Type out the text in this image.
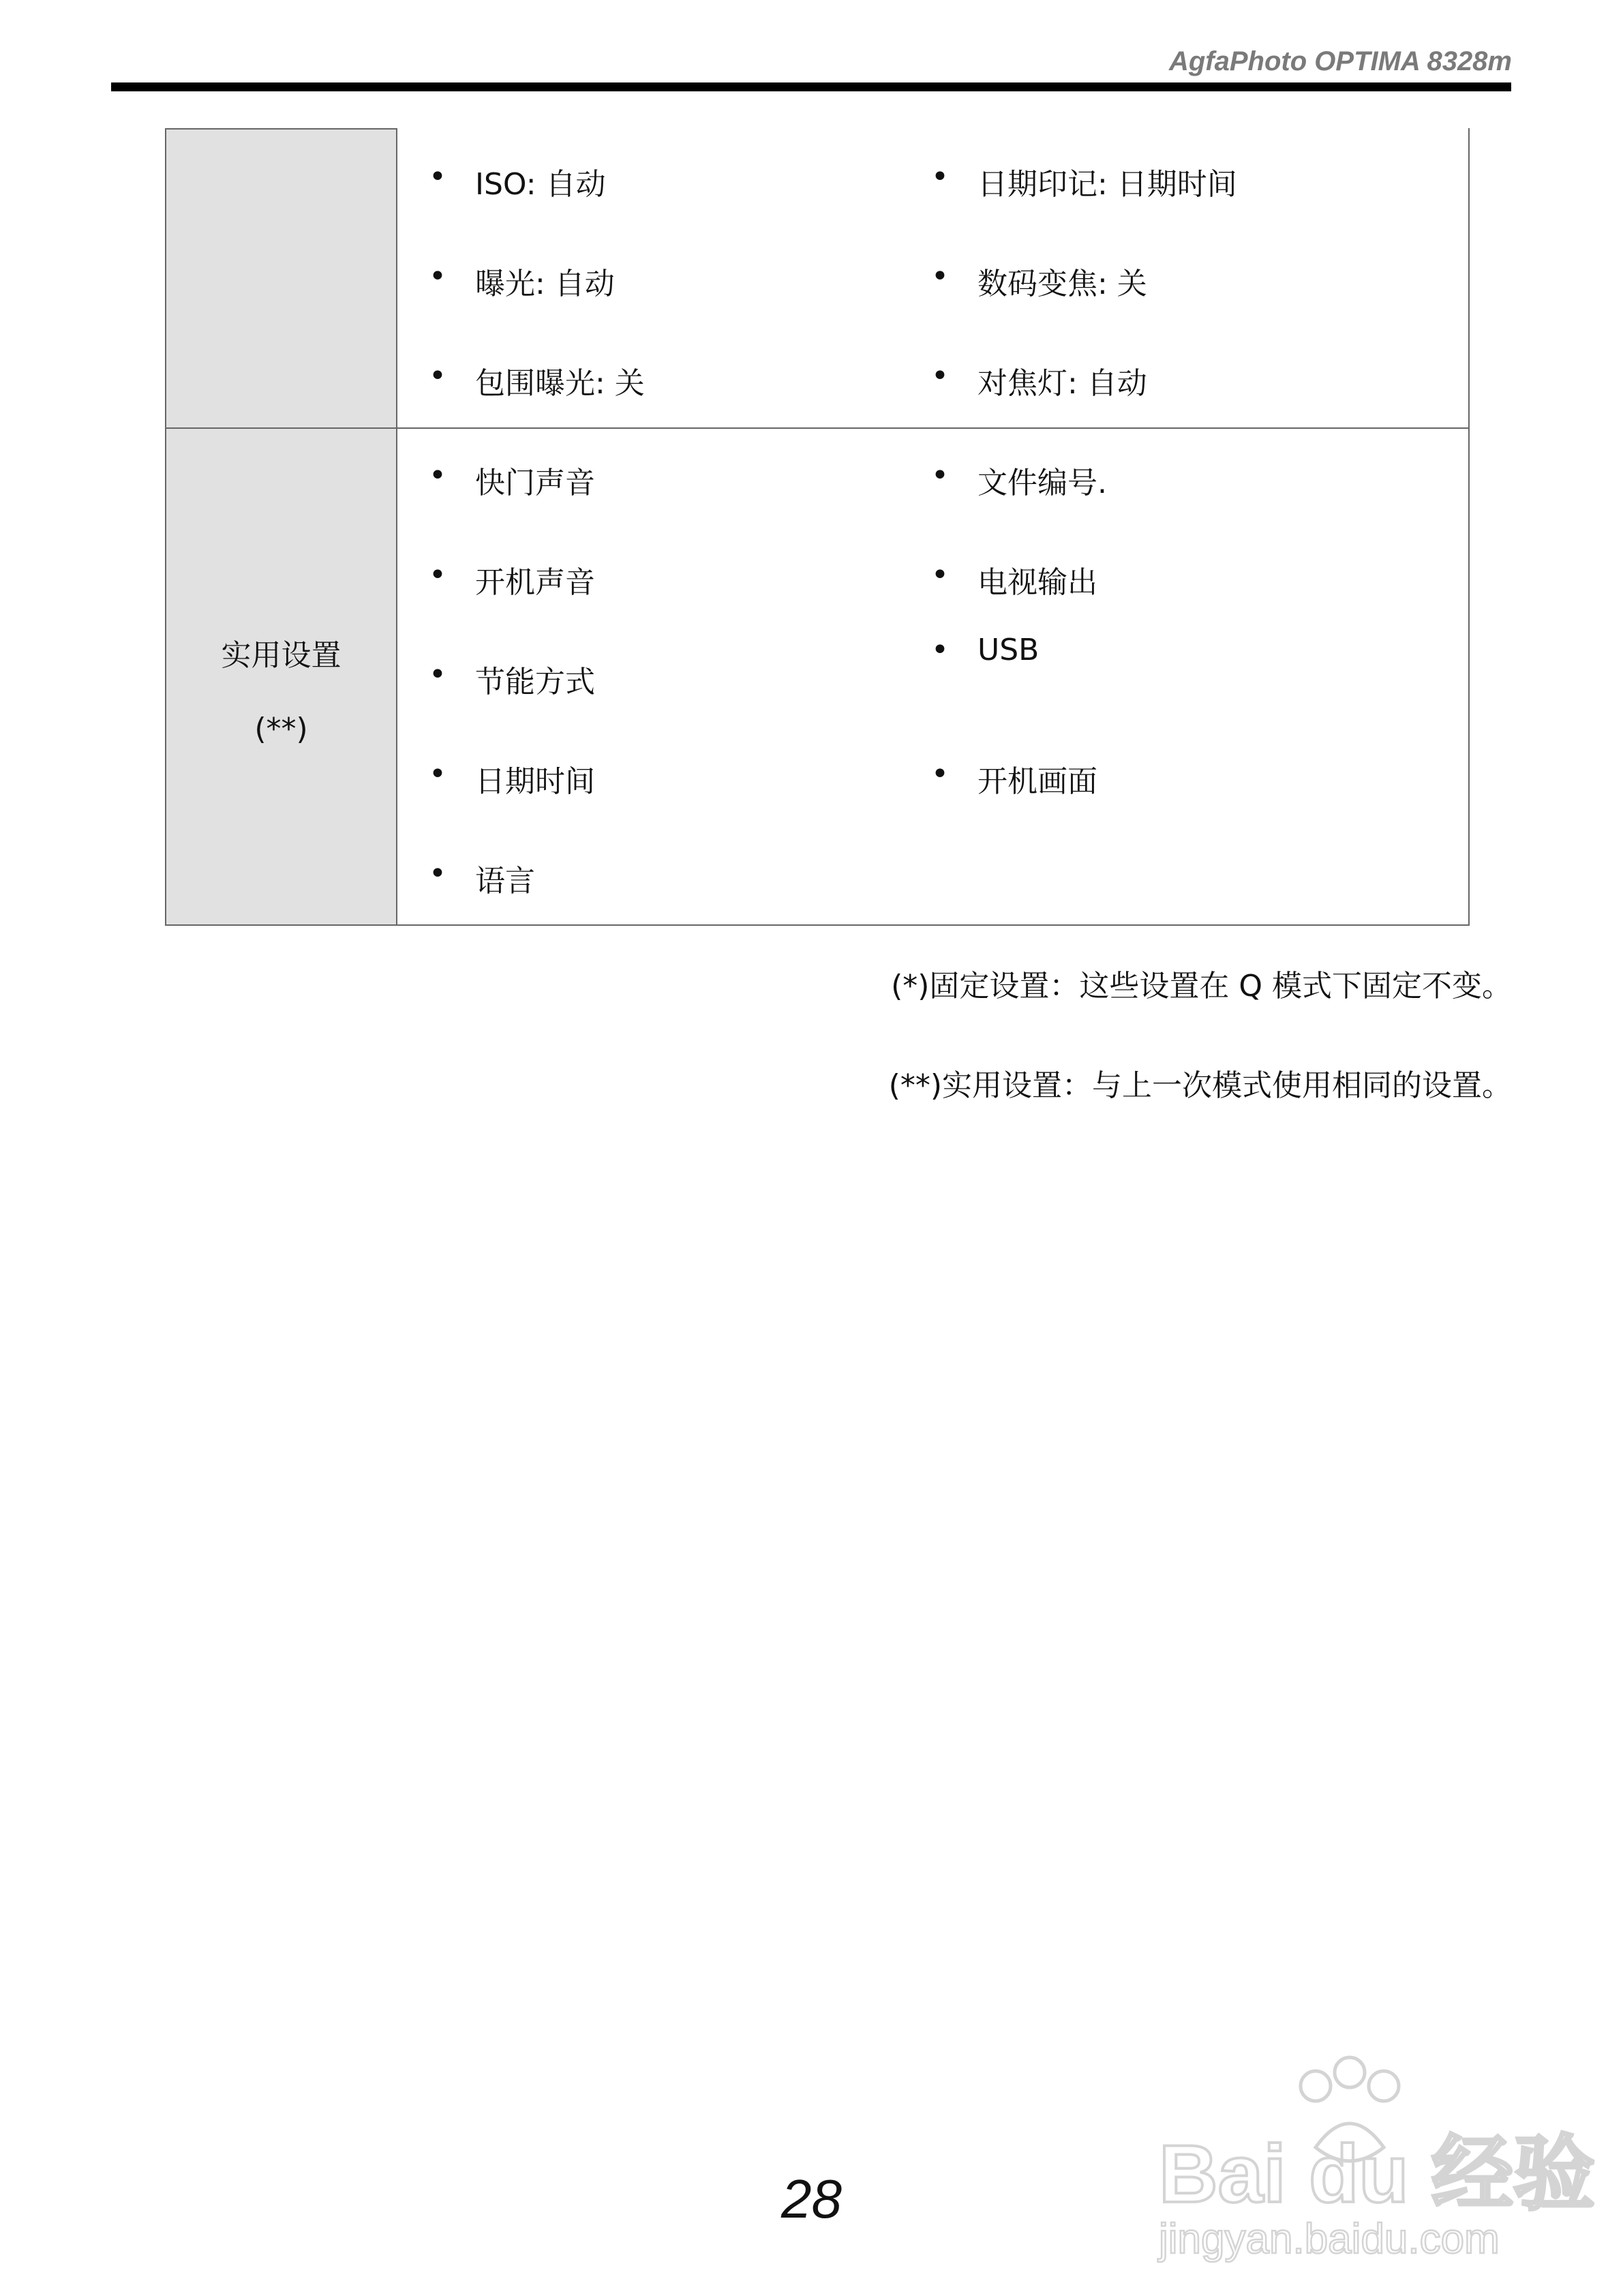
AgfaPhoto OPTIMA 8328m
• ISO: 自动
• 曝光: 自动
• 包围曝光: 关
• 日期印记: 日期时间
• 数码变焦: 关
• 对焦灯: 自动
实用设置
(**)
• 快门声音
• 开机声音
• 节能方式
• 日期时间
• 语言
• 文件编号.
• 电视输出
• USB
• 开机画面
(*)固定设置：这些设置在 Q 模式下固定不变。
(**)实用设置：与上一次模式使用相同的设置。
28	Bai du 经验
jingyan.baidu.com
